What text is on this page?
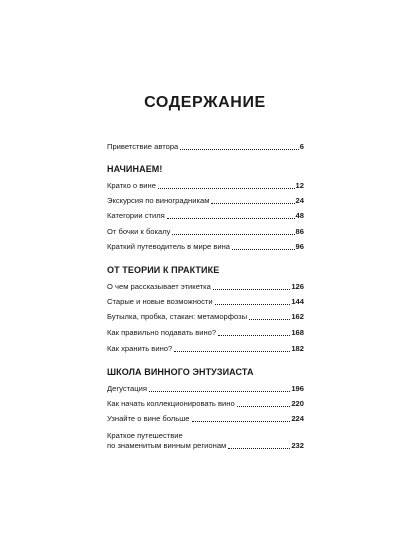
СОДЕРЖАНИЕ
Приветствие автора	6
НАЧИНАЕМ!
Кратко о вине	12
Экскурсия по виноградникам	24
Категории стиля	48
От бочки к бокалу	86
Краткий путеводитель в мире вина	96
ОТ ТЕОРИИ К ПРАКТИКЕ
О чем рассказывает этикетка	126
Старые и новые возможности	144
Бутылка, пробка, стакан: метаморфозы	162
Как правильно подавать вино?	168
Как хранить вино?	182
ШКОЛА ВИННОГО ЭНТУЗИАСТА
Дегустация	196
Как начать коллекционировать вино	220
Узнайте о вине больше	224
Краткое путешествие
по знаменитым винным регионам	232
